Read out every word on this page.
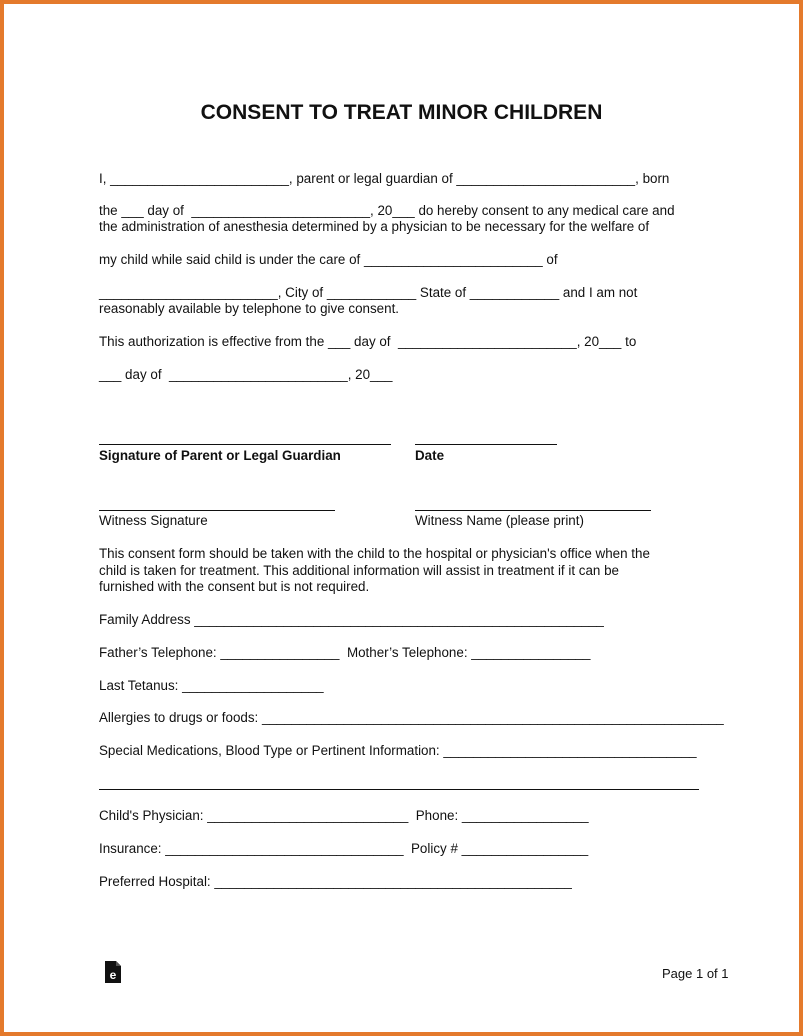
CONSENT TO TREAT MINOR CHILDREN
I, ________________________, parent or legal guardian of ________________________, born
the ___ day of  ________________________, 20___ do hereby consent to any medical care and
the administration of anesthesia determined by a physician to be necessary for the welfare of
my child while said child is under the care of ________________________ of
________________________, City of ____________ State of ____________ and I am not
reasonably available by telephone to give consent.
This authorization is effective from the ___ day of  ________________________, 20___ to
___ day of  ________________________, 20___
Signature of Parent or Legal Guardian	Date
Witness Signature	Witness Name (please print)
This consent form should be taken with the child to the hospital or physician's office when the
child is taken for treatment. This additional information will assist in treatment if it can be
furnished with the consent but is not required.
Family Address _______________________________________________________
Father’s Telephone: ________________  Mother’s Telephone: ________________
Last Tetanus: ___________________
Allergies to drugs or foods: ______________________________________________________________
Special Medications, Blood Type or Pertinent Information: __________________________________
Child's Physician: ___________________________  Phone: _________________
Insurance: ________________________________  Policy # _________________
Preferred Hospital: ________________________________________________
e	Page 1 of 1
